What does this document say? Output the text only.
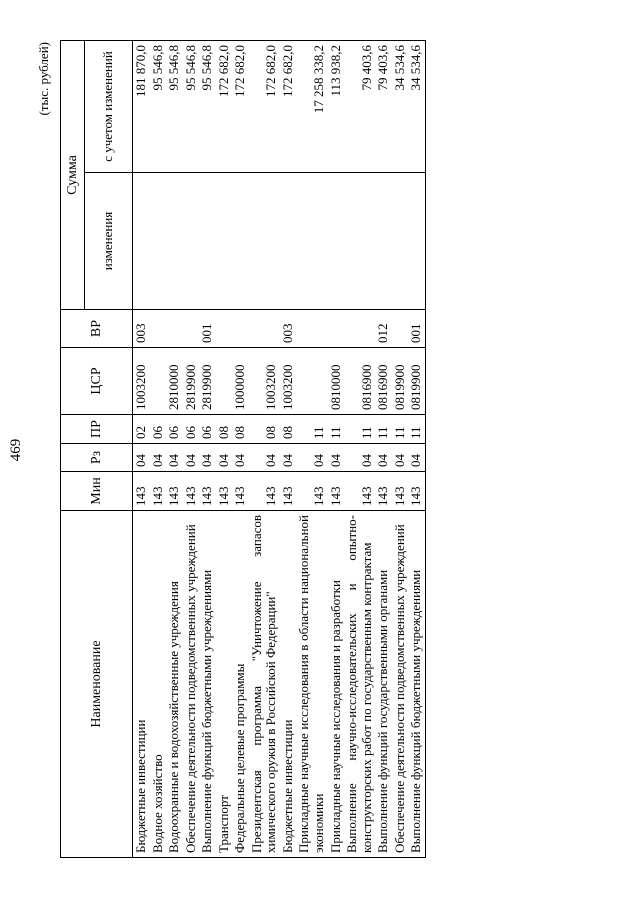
469
(тыс. рублей)
Наименование	Мин	Рз	ПР	ЦСР	ВР	Сумма	
						изменения	с учетом изменений
Бюджетные инвестиции	143	04	02	1003200	003		181 870,0
Водное хозяйство	143	04	06				95 546,8
Водоохранные и водохозяйственные учреждения	143	04	06	2810000			95 546,8
Обеспечение деятельности подведомственных учреждений	143	04	06	2819900			95 546,8
Выполнение функций бюджетными учреждениями	143	04	06	2819900	001		95 546,8
Транспорт	143	04	08				172 682,0
Федеральные целевые программы	143	04	08	1000000			172 682,0
Президентская программа "Уничтожение запасов химического оружия в Российской Федерации"	143	04	08	1003200			172 682,0
Бюджетные инвестиции	143	04	08	1003200	003		172 682,0
Прикладные научные исследования в области национальной экономики	143	04	11				17 258 338,2
Прикладные научные исследования и разработки	143	04	11	0810000			113 938,2
Выполнение научно-исследовательских и опытно-конструкторских работ по государственным контрактам	143	04	11	0816900			79 403,6
Выполнение функций государственными органами	143	04	11	0816900	012		79 403,6
Обеспечение деятельности подведомственных учреждений	143	04	11	0819900			34 534,6
Выполнение функций бюджетными учреждениями	143	04	11	0819900	001		34 534,6
